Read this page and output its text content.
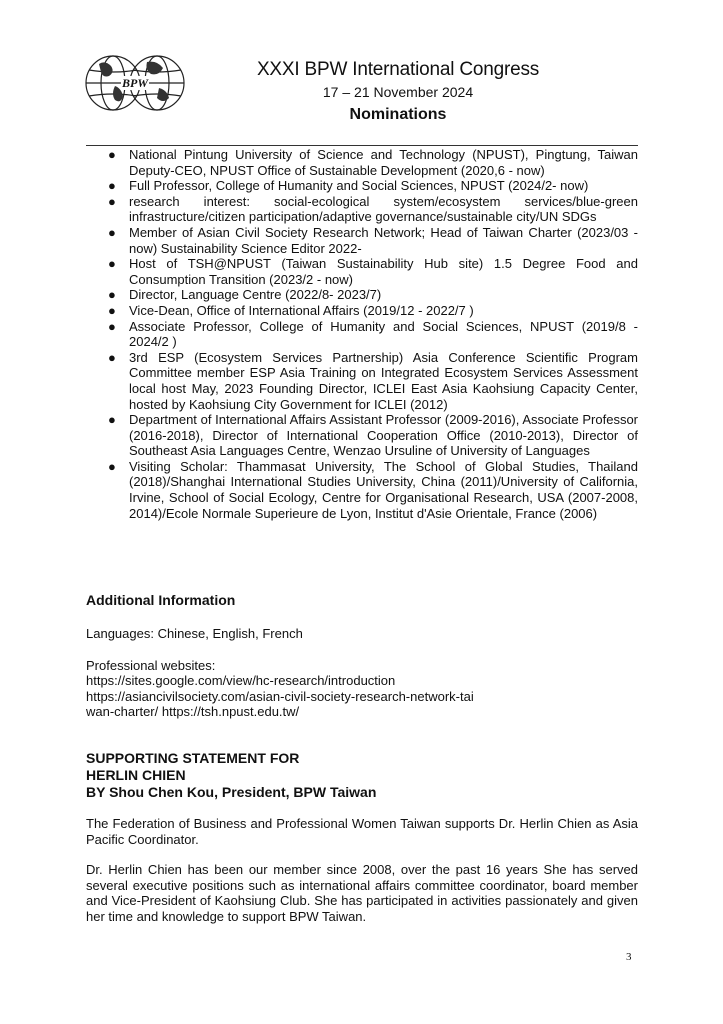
BPW
XXXI BPW International Congress
17 – 21 November 2024
Nominations
● National Pintung University of Science and Technology (NPUST), Pingtung, Taiwan Deputy-CEO, NPUST Office of Sustainable Development (2020,6 - now)
● Full Professor, College of Humanity and Social Sciences, NPUST (2024/2- now)
● research interest: social-ecological system/ecosystem services/blue-green infrastructure/citizen participation/adaptive governance/sustainable city/UN SDGs
● Member of Asian Civil Society Research Network; Head of Taiwan Charter (2023/03 - now) Sustainability Science Editor 2022-
● Host of TSH@NPUST (Taiwan Sustainability Hub site) 1.5 Degree Food and Consumption Transition (2023/2 - now)
● Director, Language Centre (2022/8- 2023/7)
● Vice-Dean, Office of International Affairs (2019/12 - 2022/7 )
● Associate Professor, College of Humanity and Social Sciences, NPUST (2019/8 - 2024/2 )
● 3rd ESP (Ecosystem Services Partnership) Asia Conference Scientific Program Committee member ESP Asia Training on Integrated Ecosystem Services Assessment local host May, 2023 Founding Director, ICLEI East Asia Kaohsiung Capacity Center, hosted by Kaohsiung City Government for ICLEI (2012)
● Department of International Affairs Assistant Professor (2009-2016), Associate Professor (2016-2018), Director of International Cooperation Office (2010-2013), Director of Southeast Asia Languages Centre, Wenzao Ursuline of University of Languages
● Visiting Scholar: Thammasat University, The School of Global Studies, Thailand (2018)/Shanghai International Studies University, China (2011)/University of California, Irvine, School of Social Ecology, Centre for Organisational Research, USA (2007-2008, 2014)/Ecole Normale Superieure de Lyon, Institut d'Asie Orientale, France (2006)
Additional Information
Languages: Chinese, English, French
Professional websites:
https://sites.google.com/view/hc-research/introduction
https://asiancivilsociety.com/asian-civil-society-research-network-tai
wan-charter/ https://tsh.npust.edu.tw/
SUPPORTING STATEMENT FOR
HERLIN CHIEN
BY Shou Chen Kou, President, BPW Taiwan
The Federation of Business and Professional Women Taiwan supports Dr. Herlin Chien as Asia Pacific Coordinator.
Dr. Herlin Chien has been our member since 2008, over the past 16 years She has served several executive positions such as international affairs committee coordinator, board member and Vice-President of Kaohsiung Club. She has participated in activities passionately and given her time and knowledge to support BPW Taiwan.
3
